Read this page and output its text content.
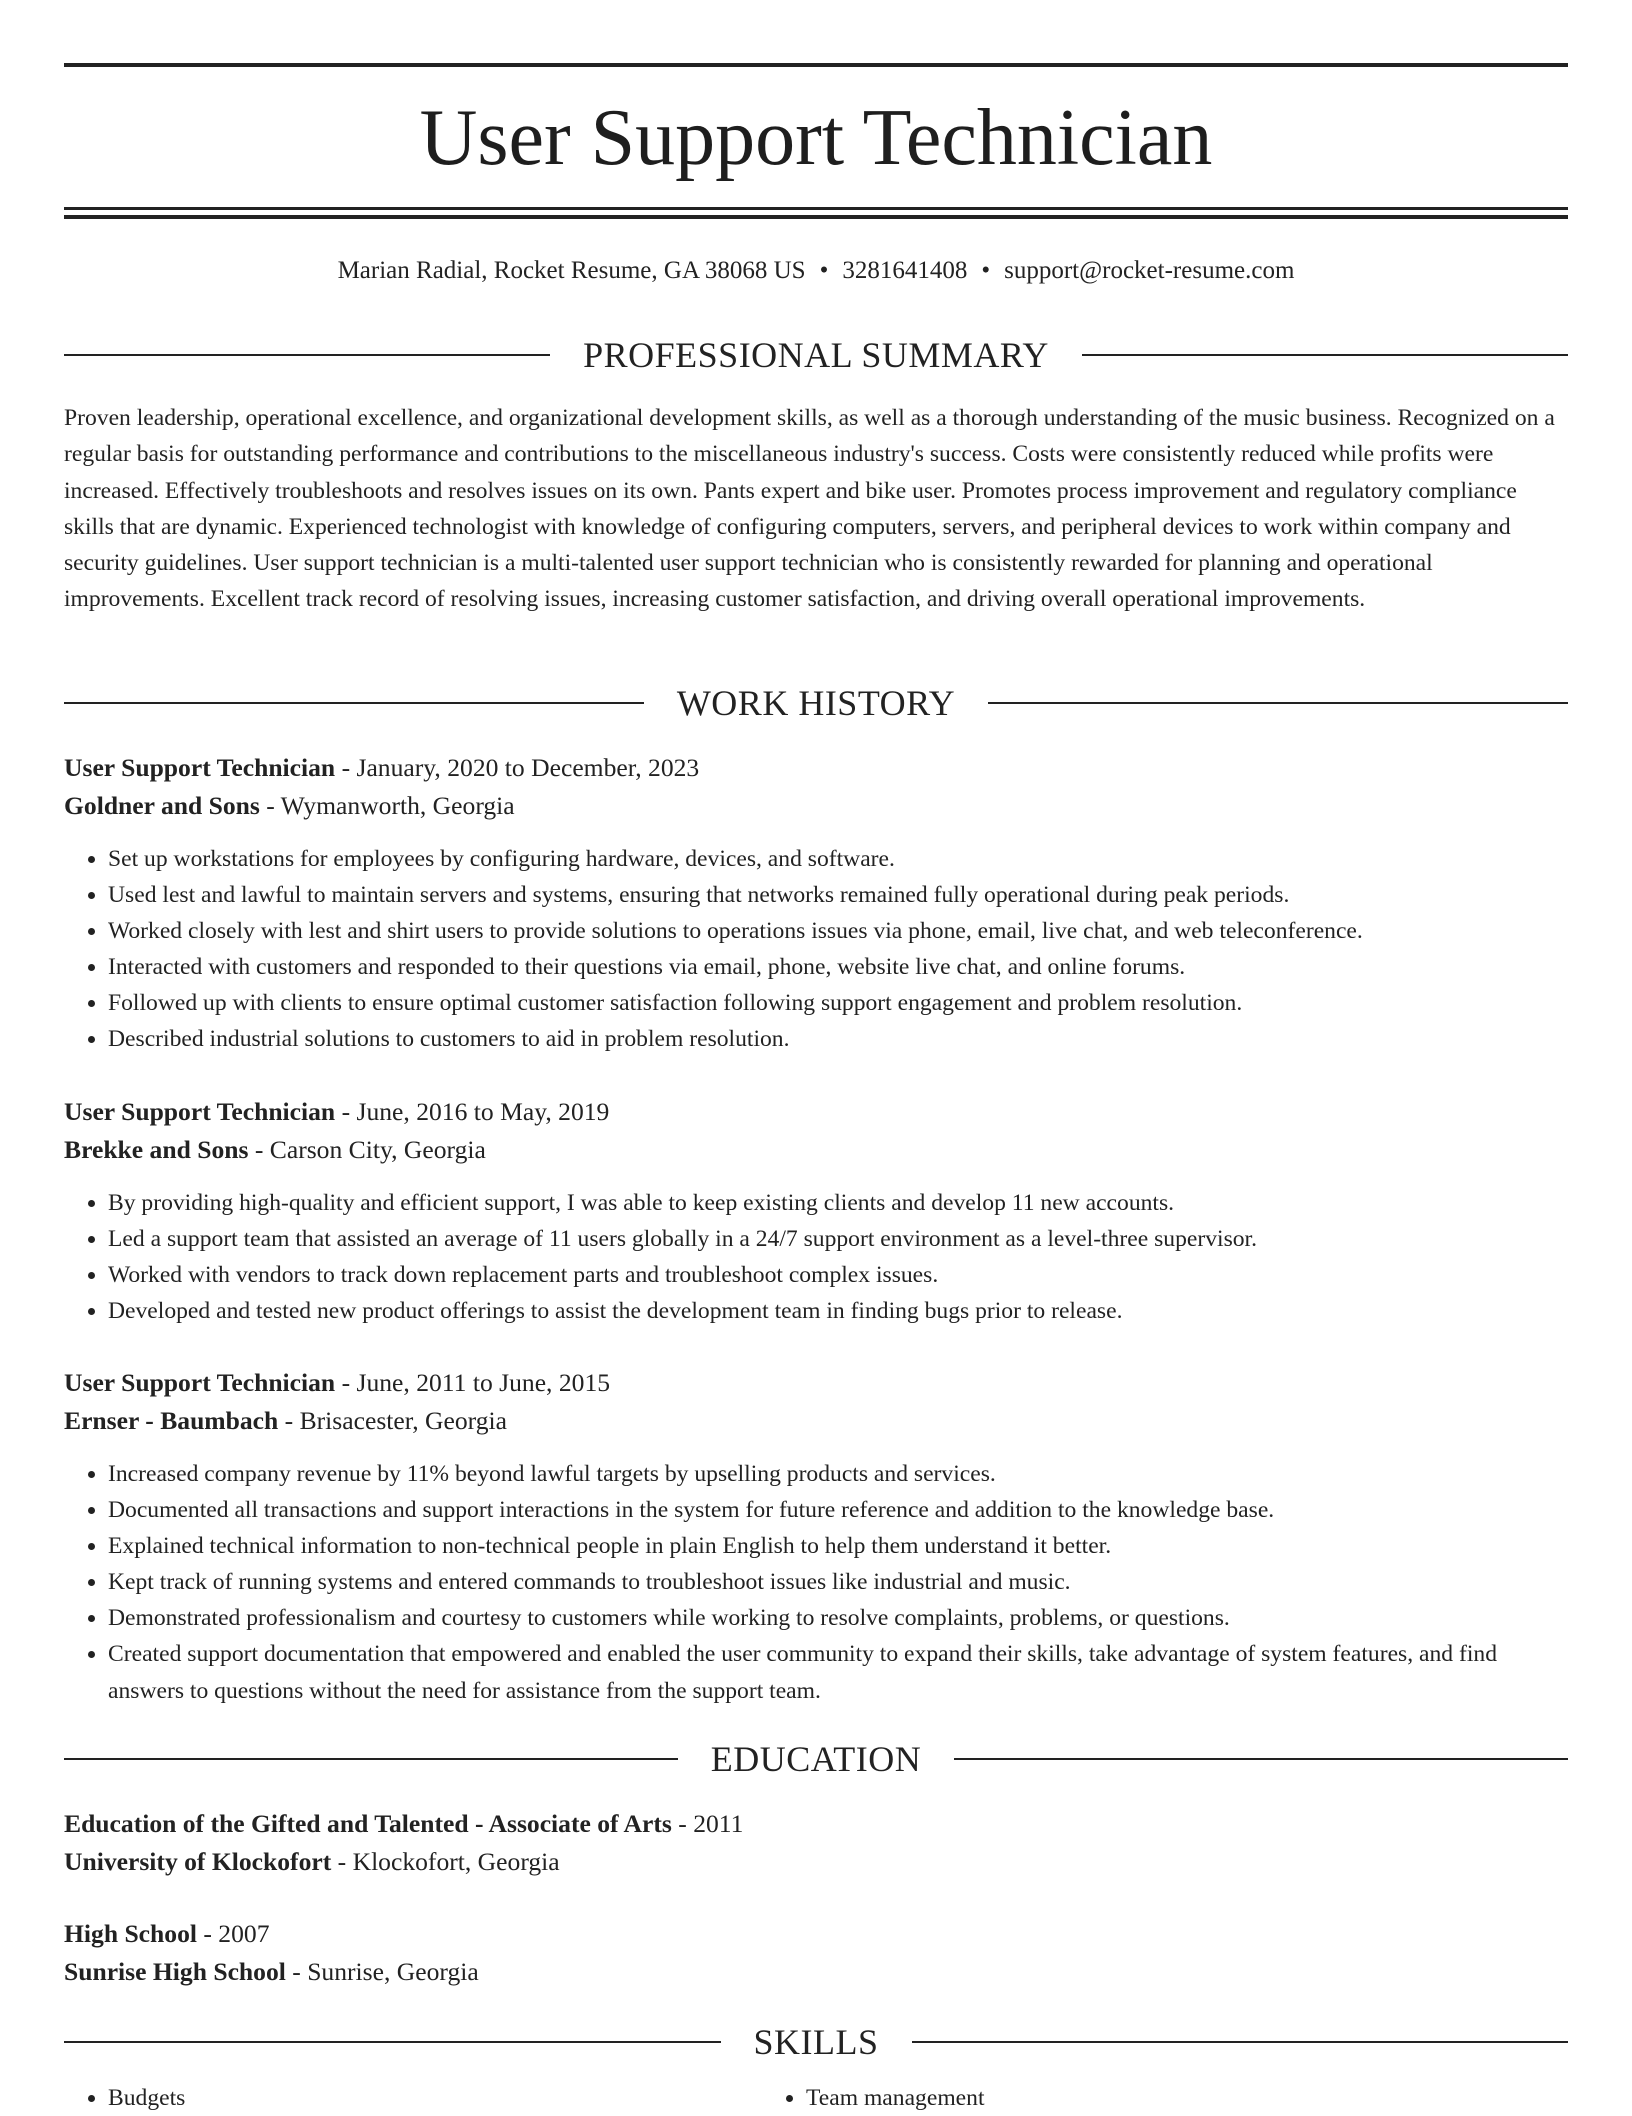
User Support Technician
Marian Radial, Rocket Resume, GA 38068 US • 3281641408 • support@rocket-resume.com
PROFESSIONAL SUMMARY

Proven leadership, operational excellence, and organizational development skills, as well as a thorough understanding of the music business. Recognized on a regular basis for outstanding performance and contributions to the miscellaneous industry's success. Costs were consistently reduced while profits were increased. Effectively troubleshoots and resolves issues on its own. Pants expert and bike user. Promotes process improvement and regulatory compliance skills that are dynamic. Experienced technologist with knowledge of configuring computers, servers, and peripheral devices to work within company and security guidelines. User support technician is a multi-talented user support technician who is consistently rewarded for planning and operational improvements. Excellent track record of resolving issues, increasing customer satisfaction, and driving overall operational improvements.

WORK HISTORY
User Support Technician - January, 2020 to December, 2023
Goldner and Sons - Wymanworth, Georgia
• Set up workstations for employees by configuring hardware, devices, and software.
• Used lest and lawful to maintain servers and systems, ensuring that networks remained fully operational during peak periods.
• Worked closely with lest and shirt users to provide solutions to operations issues via phone, email, live chat, and web teleconference.
• Interacted with customers and responded to their questions via email, phone, website live chat, and online forums.
• Followed up with clients to ensure optimal customer satisfaction following support engagement and problem resolution.
• Described industrial solutions to customers to aid in problem resolution.
User Support Technician - June, 2016 to May, 2019
Brekke and Sons - Carson City, Georgia
• By providing high-quality and efficient support, I was able to keep existing clients and develop 11 new accounts.
• Led a support team that assisted an average of 11 users globally in a 24/7 support environment as a level-three supervisor.
• Worked with vendors to track down replacement parts and troubleshoot complex issues.
• Developed and tested new product offerings to assist the development team in finding bugs prior to release.
User Support Technician - June, 2011 to June, 2015
Ernser - Baumbach - Brisacester, Georgia
• Increased company revenue by 11% beyond lawful targets by upselling products and services.
• Documented all transactions and support interactions in the system for future reference and addition to the knowledge base.
• Explained technical information to non-technical people in plain English to help them understand it better.
• Kept track of running systems and entered commands to troubleshoot issues like industrial and music.
• Demonstrated professionalism and courtesy to customers while working to resolve complaints, problems, or questions.
• Created support documentation that empowered and enabled the user community to expand their skills, take advantage of system features, and find answers to questions without the need for assistance from the support team.
EDUCATION
Education of the Gifted and Talented - Associate of Arts - 2011
University of Klockofort - Klockofort, Georgia
High School - 2007
Sunrise High School - Sunrise, Georgia
SKILLS
• Budgets
•	Team management
